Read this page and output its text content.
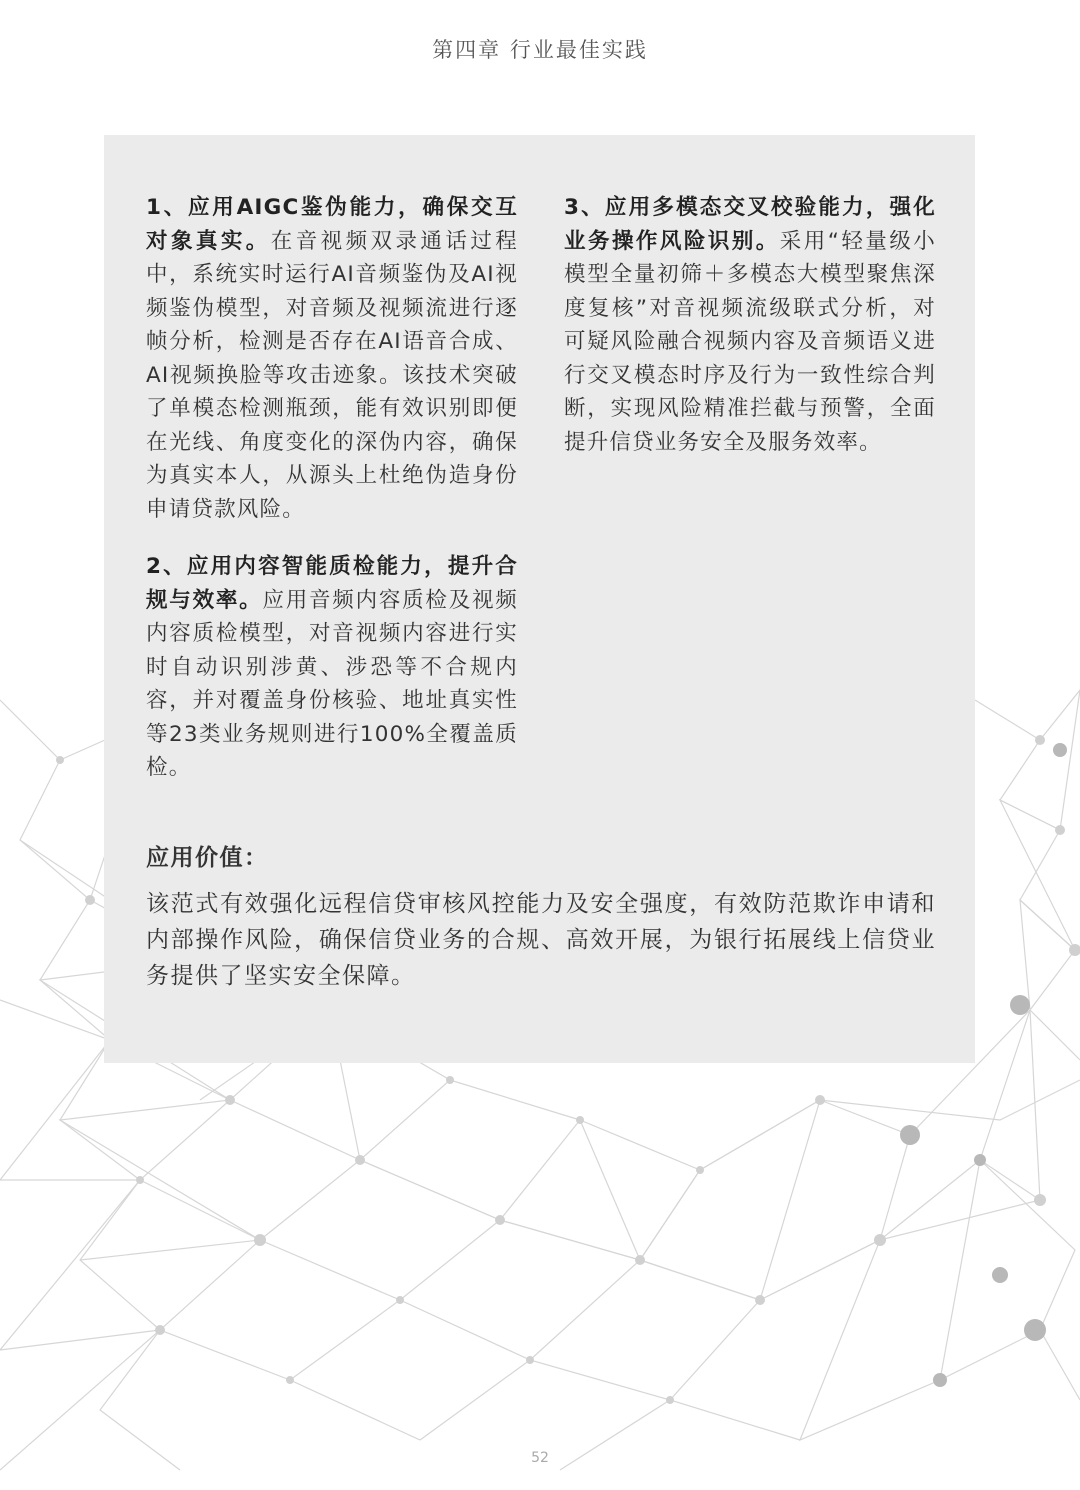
第四章 行业最佳实践

1、应用AIGC鉴伪能力，确保交互对象真实。在音视频双录通话过程中，系统实时运行AI音频鉴伪及AI视频鉴伪模型，对音频及视频流进行逐帧分析，检测是否存在AI语音合成、AI视频换脸等攻击迹象。该技术突破了单模态检测瓶颈，能有效识别即便在光线、角度变化的深伪内容，确保为真实本人，从源头上杜绝伪造身份申请贷款风险。

2、应用内容智能质检能力，提升合规与效率。应用音频内容质检及视频内容质检模型，对音视频内容进行实时自动识别涉黄、涉恐等不合规内容，并对覆盖身份核验、地址真实性等23类业务规则进行100%全覆盖质检。

3、应用多模态交叉校验能力，强化业务操作风险识别。采用“轻量级小模型全量初筛＋多模态大模型聚焦深度复核”对音视频流级联式分析，对可疑风险融合视频内容及音频语义进行交叉模态时序及行为一致性综合判断，实现风险精准拦截与预警，全面提升信贷业务安全及服务效率。

应用价值：
该范式有效强化远程信贷审核风控能力及安全强度，有效防范欺诈申请和内部操作风险，确保信贷业务的合规、高效开展，为银行拓展线上信贷业务提供了坚实安全保障。
52
